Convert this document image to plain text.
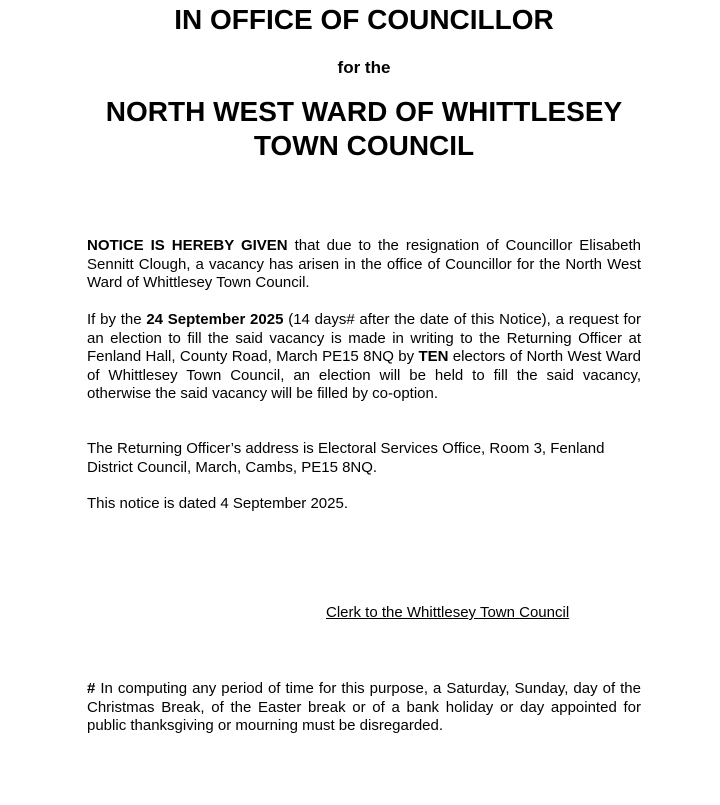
IN OFFICE OF COUNCILLOR
for the
NORTH WEST WARD OF WHITTLESEY
TOWN COUNCIL

NOTICE IS HEREBY GIVEN that due to the resignation of Councillor Elisabeth Sennitt Clough, a vacancy has arisen in the office of Councillor for the North West Ward of Whittlesey Town Council.

If by the 24 September 2025 (14 days# after the date of this Notice), a request for an election to fill the said vacancy is made in writing to the Returning Officer at Fenland Hall, County Road, March PE15 8NQ by TEN electors of North West Ward of Whittlesey Town Council, an election will be held to fill the said vacancy, otherwise the said vacancy will be filled by co-option.

The Returning Officer’s address is Electoral Services Office, Room 3, Fenland District Council, March, Cambs, PE15 8NQ.

This notice is dated 4 September 2025.

Clerk to the Whittlesey Town Council

# In computing any period of time for this purpose, a Saturday, Sunday, day of the Christmas Break, of the Easter break or of a bank holiday or day appointed for public thanksgiving or mourning must be disregarded.
